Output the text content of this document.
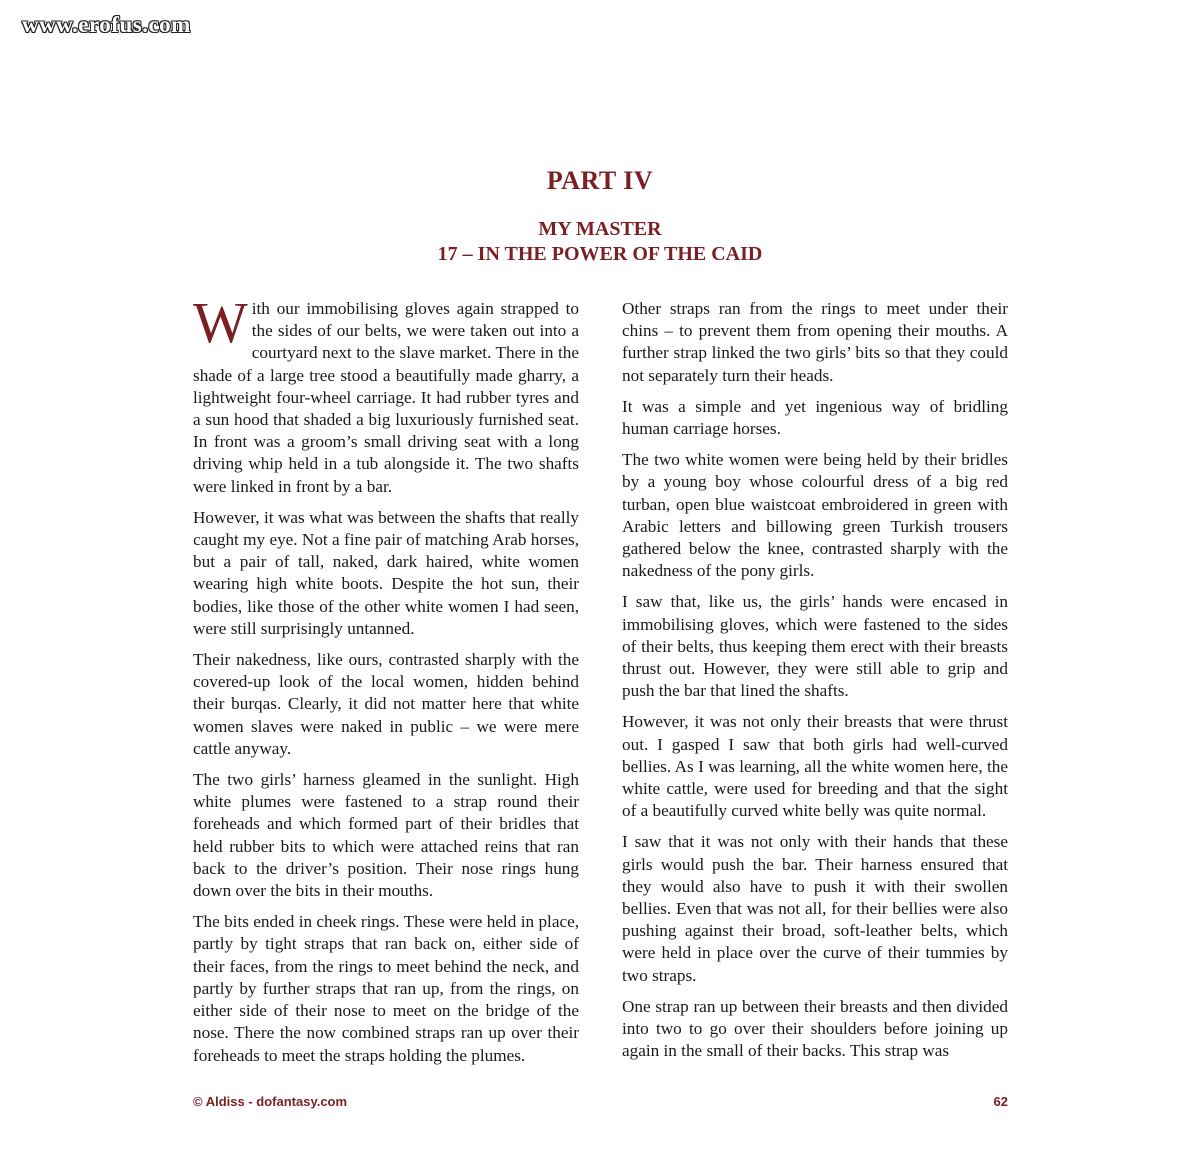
www.erofus.com
PART IV
MY MASTER
17 – IN THE POWER OF THE CAID

With our immobilising gloves again strapped to the sides of our belts, we were taken out into a courtyard next to the slave market. There in the shade of a large tree stood a beautifully made gharry, a lightweight four-wheel carriage. It had rubber tyres and a sun hood that shaded a big luxuriously furnished seat. In front was a groom’s small driving seat with a long driving whip held in a tub alongside it. The two shafts were linked in front by a bar.

However, it was what was between the shafts that really caught my eye. Not a fine pair of matching Arab horses, but a pair of tall, naked, dark haired, white women wearing high white boots. Despite the hot sun, their bodies, like those of the other white women I had seen, were still surprisingly untanned.

Their nakedness, like ours, contrasted sharply with the covered-up look of the local women, hidden behind their burqas. Clearly, it did not matter here that white women slaves were naked in public – we were mere cattle anyway.

The two girls’ harness gleamed in the sunlight. High white plumes were fastened to a strap round their foreheads and which formed part of their bridles that held rubber bits to which were attached reins that ran back to the driver’s position. Their nose rings hung down over the bits in their mouths.

The bits ended in cheek rings. These were held in place, partly by tight straps that ran back on, either side of their faces, from the rings to meet behind the neck, and partly by further straps that ran up, from the rings, on either side of their nose to meet on the bridge of the nose. There the now combined straps ran up over their foreheads to meet the straps holding the plumes.

Other straps ran from the rings to meet under their chins – to prevent them from opening their mouths. A further strap linked the two girls’ bits so that they could not separately turn their heads.

It was a simple and yet ingenious way of bridling human carriage horses.

The two white women were being held by their bridles by a young boy whose colourful dress of a big red turban, open blue waistcoat embroidered in green with Arabic letters and billowing green Turkish trousers gathered below the knee, contrasted sharply with the nakedness of the pony girls.

I saw that, like us, the girls’ hands were encased in immobilising gloves, which were fastened to the sides of their belts, thus keeping them erect with their breasts thrust out. However, they were still able to grip and push the bar that lined the shafts.

However, it was not only their breasts that were thrust out. I gasped I saw that both girls had well-curved bellies. As I was learning, all the white women here, the white cattle, were used for breeding and that the sight of a beautifully curved white belly was quite normal.

I saw that it was not only with their hands that these girls would push the bar. Their harness ensured that they would also have to push it with their swollen bellies. Even that was not all, for their bellies were also pushing against their broad, soft-leather belts, which were held in place over the curve of their tummies by two straps.

One strap ran up between their breasts and then divided into two to go over their shoulders before joining up again in the small of their backs. This strap was

© Aldiss - dofantasy.com	62
